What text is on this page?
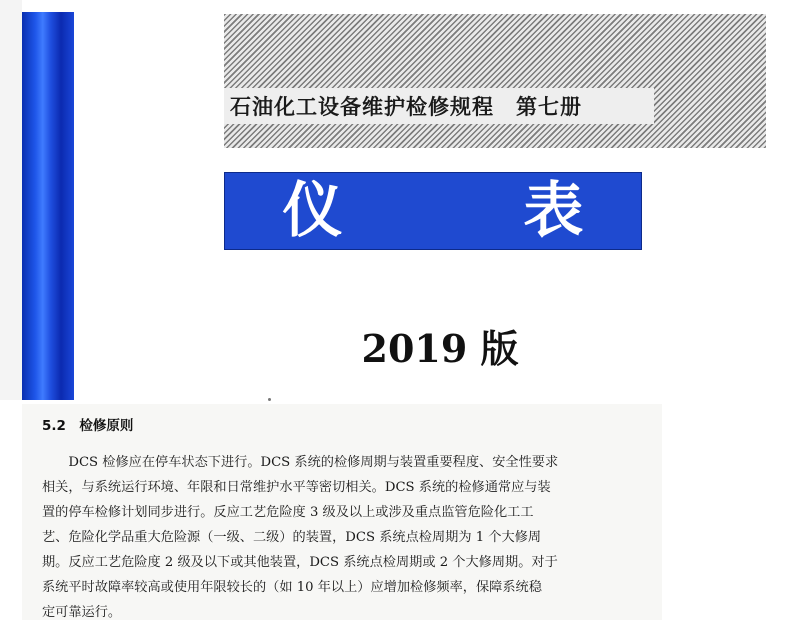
石油化工设备维护检修规程　第七册
仪 表
2019 版
5.2　检修原则
　　DCS 检修应在停车状态下进行。DCS 系统的检修周期与装置重要程度、安全性要求
相关，与系统运行环境、年限和日常维护水平等密切相关。DCS 系统的检修通常应与装
置的停车检修计划同步进行。反应工艺危险度 3 级及以上或涉及重点监管危险化工工
艺、危险化学品重大危险源（一级、二级）的装置，DCS 系统点检周期为 1 个大修周
期。反应工艺危险度 2 级及以下或其他装置，DCS 系统点检周期或 2 个大修周期。对于
系统平时故障率较高或使用年限较长的（如 10 年以上）应增加检修频率，保障系统稳
定可靠运行。
